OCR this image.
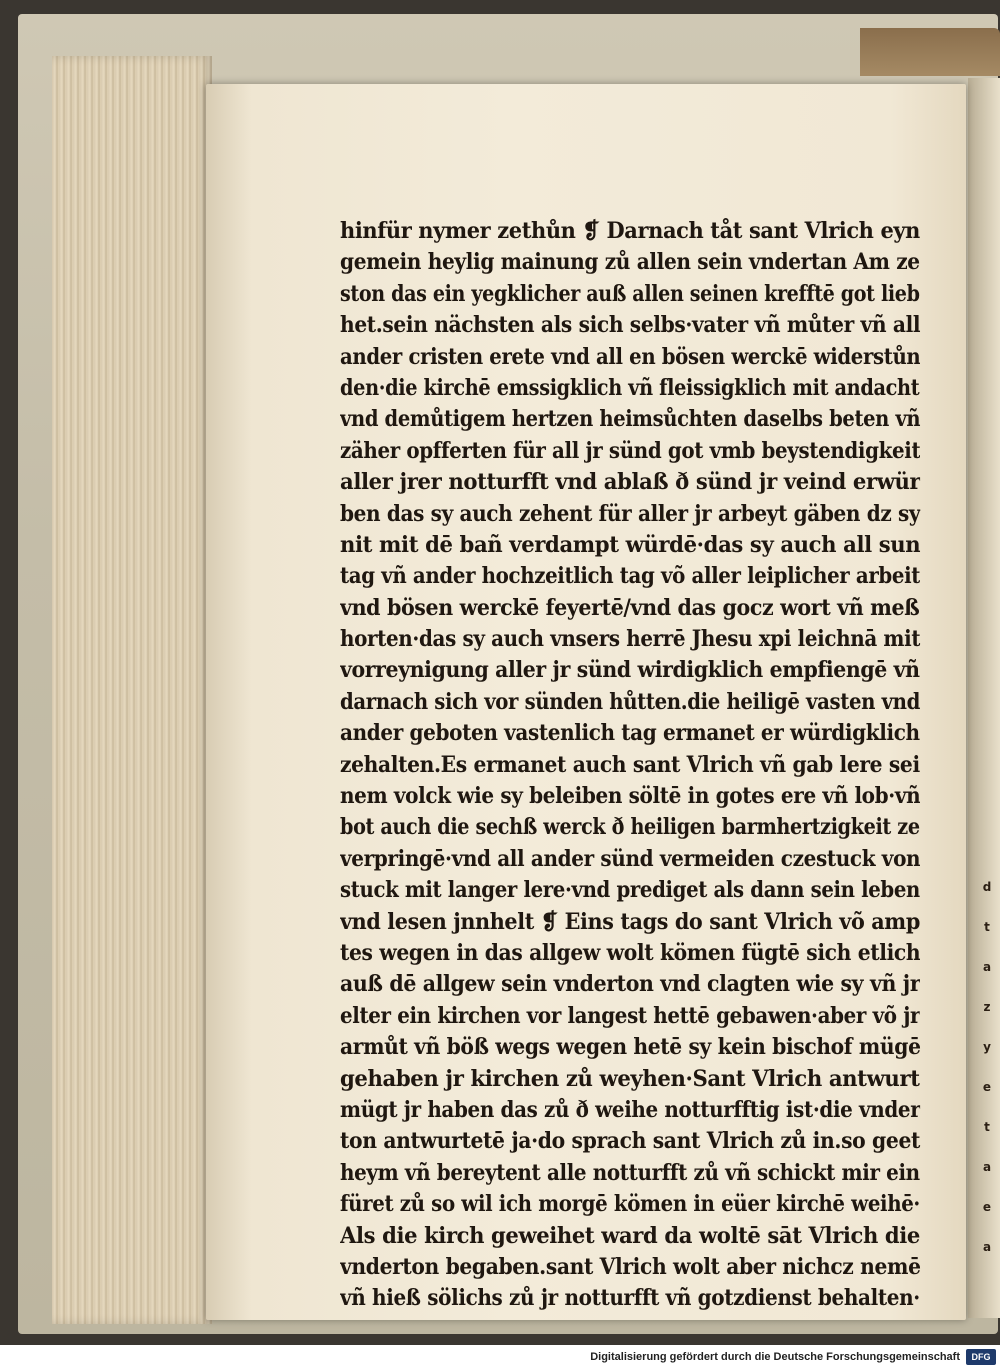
d
t
a
z
y
e
t
a
e
a
hinfür nymer zethůn ❡ Darnach tåt sant Vlrich eyn
gemein heylig mainung zů allen sein vndertan Am ze
ston das ein yegklicher auß allen seinen krefftē got lieb
het.sein nächsten als sich selbs·vater vñ můter vñ all
ander cristen erete vnd all en bösen werckē widerstůn
den·die kirchē emssigklich vñ fleissigklich mit andacht
vnd demůtigem hertzen heimsůchten daselbs beten vñ
zäher opfferten für all jr sünd got vmb beystendigkeit
aller jrer notturfft vnd ablaß ð sünd jr veind erwür
ben das sy auch zehent für aller jr arbeyt gäben dz sy
nit mit dē bañ verdampt würdē·das sy auch all sun
tag vñ ander hochzeitlich tag võ aller leiplicher arbeit
vnd bösen werckē feyertē/vnd das gocz wort vñ meß
horten·das sy auch vnsers herrē Jhesu xpi leichnā mit
vorreynigung aller jr sünd wirdigklich empfiengē vñ
darnach sich vor sünden hůtten.die heiligē vasten vnd
ander geboten vastenlich tag ermanet er würdigklich
zehalten.Es ermanet auch sant Vlrich vñ gab lere sei
nem volck wie sy beleiben söltē in gotes ere vñ lob·vñ
bot auch die sechß werck ð heiligen barmhertzigkeit ze
verpringē·vnd all ander sünd vermeiden czestuck von
stuck mit langer lere·vnd prediget als dann sein leben
vnd lesen jnnhelt ❡ Eins tags do sant Vlrich võ amp
tes wegen in das allgew wolt kömen fügtē sich etlich
auß dē allgew sein vnderton vnd clagten wie sy vñ jr
elter ein kirchen vor langest hettē gebawen·aber võ jr
armůt vñ böß wegs wegen hetē sy kein bischof mügē
gehaben jr kirchen zů weyhen·Sant Vlrich antwurt
mügt jr haben das zů ð weihe notturfftig ist·die vnder
ton antwurtetē ja·do sprach sant Vlrich zů in.so geet
heym vñ bereytent alle notturfft zů vñ schickt mir ein
füret zů so wil ich morgē kömen in eüer kirchē weihē·
Als die kirch geweihet ward da woltē sāt Vlrich die
vnderton begaben.sant Vlrich wolt aber nichcz nemē
vñ hieß sölichs zů jr notturfft vñ gotzdienst behalten·
Digitalisierung gefördert durch die Deutsche Forschungsgemeinschaft	DFG
